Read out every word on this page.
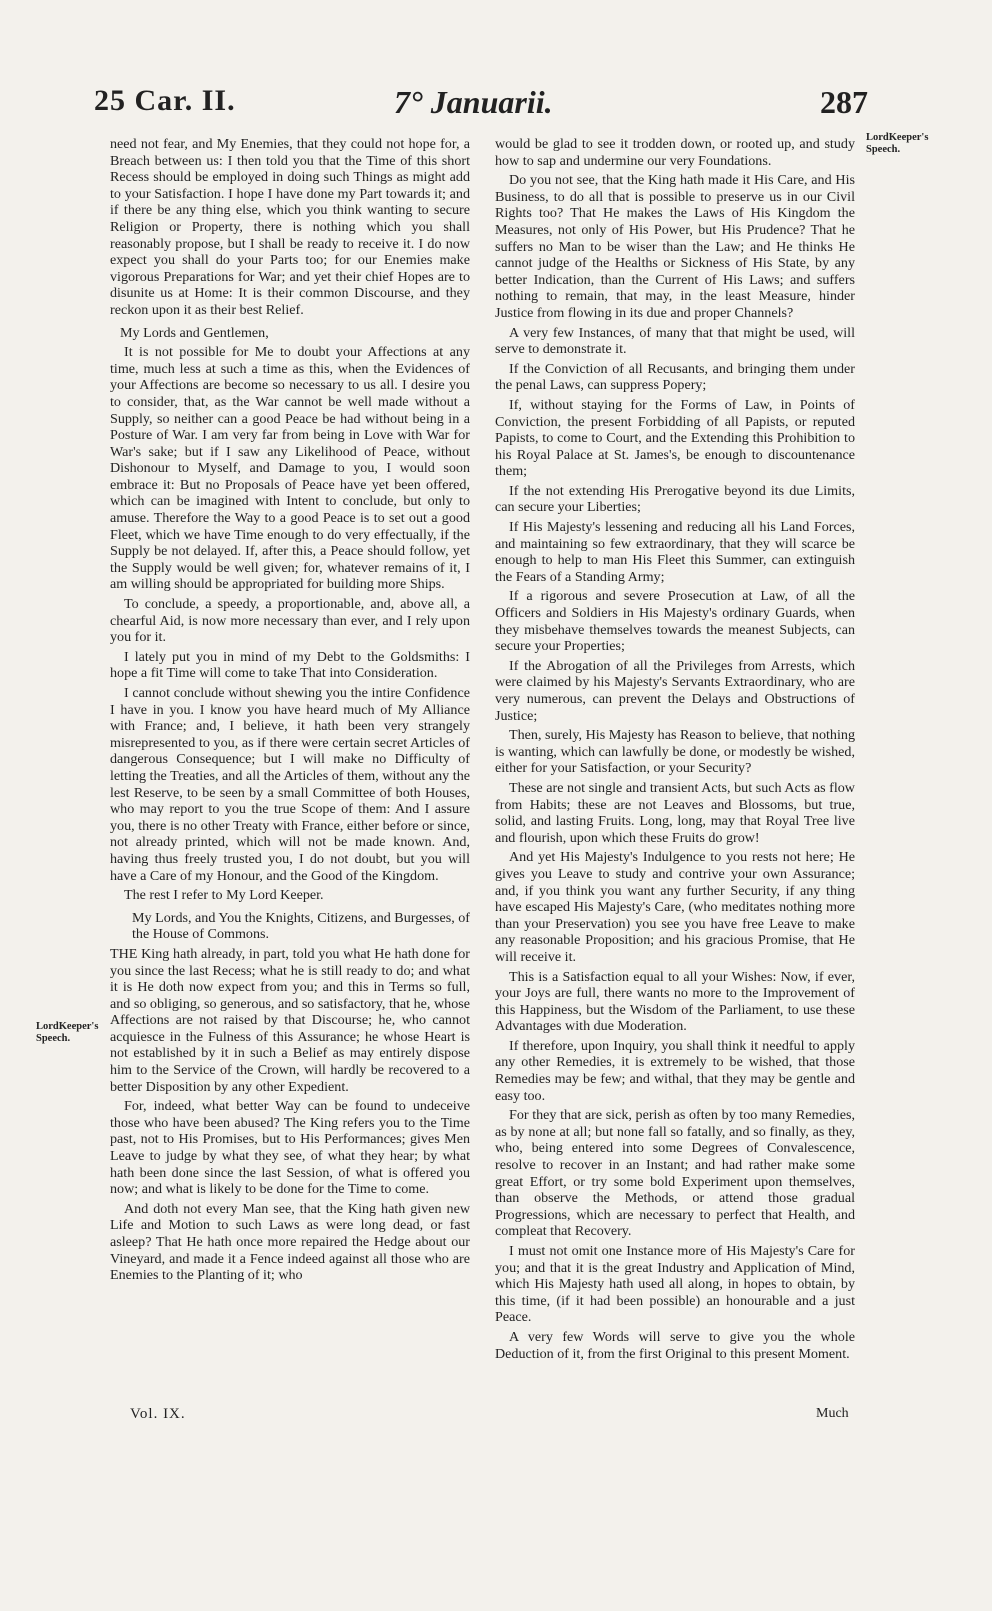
25 Car. II.	7° Januarii.	287
LordKeeper's Speech.
LordKeeper's Speech.

need not fear, and My Enemies, that they could not hope for, a Breach between us: I then told you that the Time of this short Recess should be employed in doing such Things as might add to your Satisfaction. I hope I have done my Part towards it; and if there be any thing else, which you think wanting to secure Religion or Property, there is nothing which you shall reasonably propose, but I shall be ready to receive it. I do now expect you shall do your Parts too; for our Enemies make vigorous Preparations for War; and yet their chief Hopes are to disunite us at Home: It is their common Discourse, and they reckon upon it as their best Relief.

My Lords and Gentlemen,

It is not possible for Me to doubt your Affections at any time, much less at such a time as this, when the Evidences of your Affections are become so necessary to us all. I desire you to consider, that, as the War cannot be well made without a Supply, so neither can a good Peace be had without being in a Posture of War. I am very far from being in Love with War for War's sake; but if I saw any Likelihood of Peace, without Dishonour to Myself, and Damage to you, I would soon embrace it: But no Proposals of Peace have yet been offered, which can be imagined with Intent to conclude, but only to amuse. Therefore the Way to a good Peace is to set out a good Fleet, which we have Time enough to do very effectually, if the Supply be not delayed. If, after this, a Peace should follow, yet the Supply would be well given; for, whatever remains of it, I am willing should be appropriated for building more Ships.

To conclude, a speedy, a proportionable, and, above all, a chearful Aid, is now more necessary than ever, and I rely upon you for it.

I lately put you in mind of my Debt to the Goldsmiths: I hope a fit Time will come to take That into Consideration.

I cannot conclude without shewing you the intire Confidence I have in you. I know you have heard much of My Alliance with France; and, I believe, it hath been very strangely misrepresented to you, as if there were certain secret Articles of dangerous Consequence; but I will make no Difficulty of letting the Treaties, and all the Articles of them, without any the lest Reserve, to be seen by a small Committee of both Houses, who may report to you the true Scope of them: And I assure you, there is no other Treaty with France, either before or since, not already printed, which will not be made known. And, having thus freely trusted you, I do not doubt, but you will have a Care of my Honour, and the Good of the Kingdom.

The rest I refer to My Lord Keeper.

My Lords, and You the Knights, Citizens, and Burgesses, of the House of Commons.

THE King hath already, in part, told you what He hath done for you since the last Recess; what he is still ready to do; and what it is He doth now expect from you; and this in Terms so full, and so obliging, so generous, and so satisfactory, that he, whose Affections are not raised by that Discourse; he, who cannot acquiesce in the Fulness of this Assurance; he whose Heart is not established by it in such a Belief as may entirely dispose him to the Service of the Crown, will hardly be recovered to a better Disposition by any other Expedient.

For, indeed, what better Way can be found to undeceive those who have been abused? The King refers you to the Time past, not to His Promises, but to His Performances; gives Men Leave to judge by what they see, of what they hear; by what hath been done since the last Session, of what is offered you now; and what is likely to be done for the Time to come.

And doth not every Man see, that the King hath given new Life and Motion to such Laws as were long dead, or fast asleep? That He hath once more repaired the Hedge about our Vineyard, and made it a Fence indeed against all those who are Enemies to the Planting of it; who

would be glad to see it trodden down, or rooted up, and study how to sap and undermine our very Foundations.

Do you not see, that the King hath made it His Care, and His Business, to do all that is possible to preserve us in our Civil Rights too? That He makes the Laws of His Kingdom the Measures, not only of His Power, but His Prudence? That he suffers no Man to be wiser than the Law; and He thinks He cannot judge of the Healths or Sickness of His State, by any better Indication, than the Current of His Laws; and suffers nothing to remain, that may, in the least Measure, hinder Justice from flowing in its due and proper Channels?

A very few Instances, of many that that might be used, will serve to demonstrate it.

If the Conviction of all Recusants, and bringing them under the penal Laws, can suppress Popery;

If, without staying for the Forms of Law, in Points of Conviction, the present Forbidding of all Papists, or reputed Papists, to come to Court, and the Extending this Prohibition to his Royal Palace at St. James's, be enough to discountenance them;

If the not extending His Prerogative beyond its due Limits, can secure your Liberties;

If His Majesty's lessening and reducing all his Land Forces, and maintaining so few extraordinary, that they will scarce be enough to help to man His Fleet this Summer, can extinguish the Fears of a Standing Army;

If a rigorous and severe Prosecution at Law, of all the Officers and Soldiers in His Majesty's ordinary Guards, when they misbehave themselves towards the meanest Subjects, can secure your Properties;

If the Abrogation of all the Privileges from Arrests, which were claimed by his Majesty's Servants Extraordinary, who are very numerous, can prevent the Delays and Obstructions of Justice;

Then, surely, His Majesty has Reason to believe, that nothing is wanting, which can lawfully be done, or modestly be wished, either for your Satisfaction, or your Security?

These are not single and transient Acts, but such Acts as flow from Habits; these are not Leaves and Blossoms, but true, solid, and lasting Fruits. Long, long, may that Royal Tree live and flourish, upon which these Fruits do grow!

And yet His Majesty's Indulgence to you rests not here; He gives you Leave to study and contrive your own Assurance; and, if you think you want any further Security, if any thing have escaped His Majesty's Care, (who meditates nothing more than your Preservation) you see you have free Leave to make any reasonable Proposition; and his gracious Promise, that He will receive it.

This is a Satisfaction equal to all your Wishes: Now, if ever, your Joys are full, there wants no more to the Improvement of this Happiness, but the Wisdom of the Parliament, to use these Advantages with due Moderation.

If therefore, upon Inquiry, you shall think it needful to apply any other Remedies, it is extremely to be wished, that those Remedies may be few; and withal, that they may be gentle and easy too.

For they that are sick, perish as often by too many Remedies, as by none at all; but none fall so fatally, and so finally, as they, who, being entered into some Degrees of Convalescence, resolve to recover in an Instant; and had rather make some great Effort, or try some bold Experiment upon themselves, than observe the Methods, or attend those gradual Progressions, which are necessary to perfect that Health, and compleat that Recovery.

I must not omit one Instance more of His Majesty's Care for you; and that it is the great Industry and Application of Mind, which His Majesty hath used all along, in hopes to obtain, by this time, (if it had been possible) an honourable and a just Peace.

A very few Words will serve to give you the whole Deduction of it, from the first Original to this present Moment.

Vol. IX.	Much
